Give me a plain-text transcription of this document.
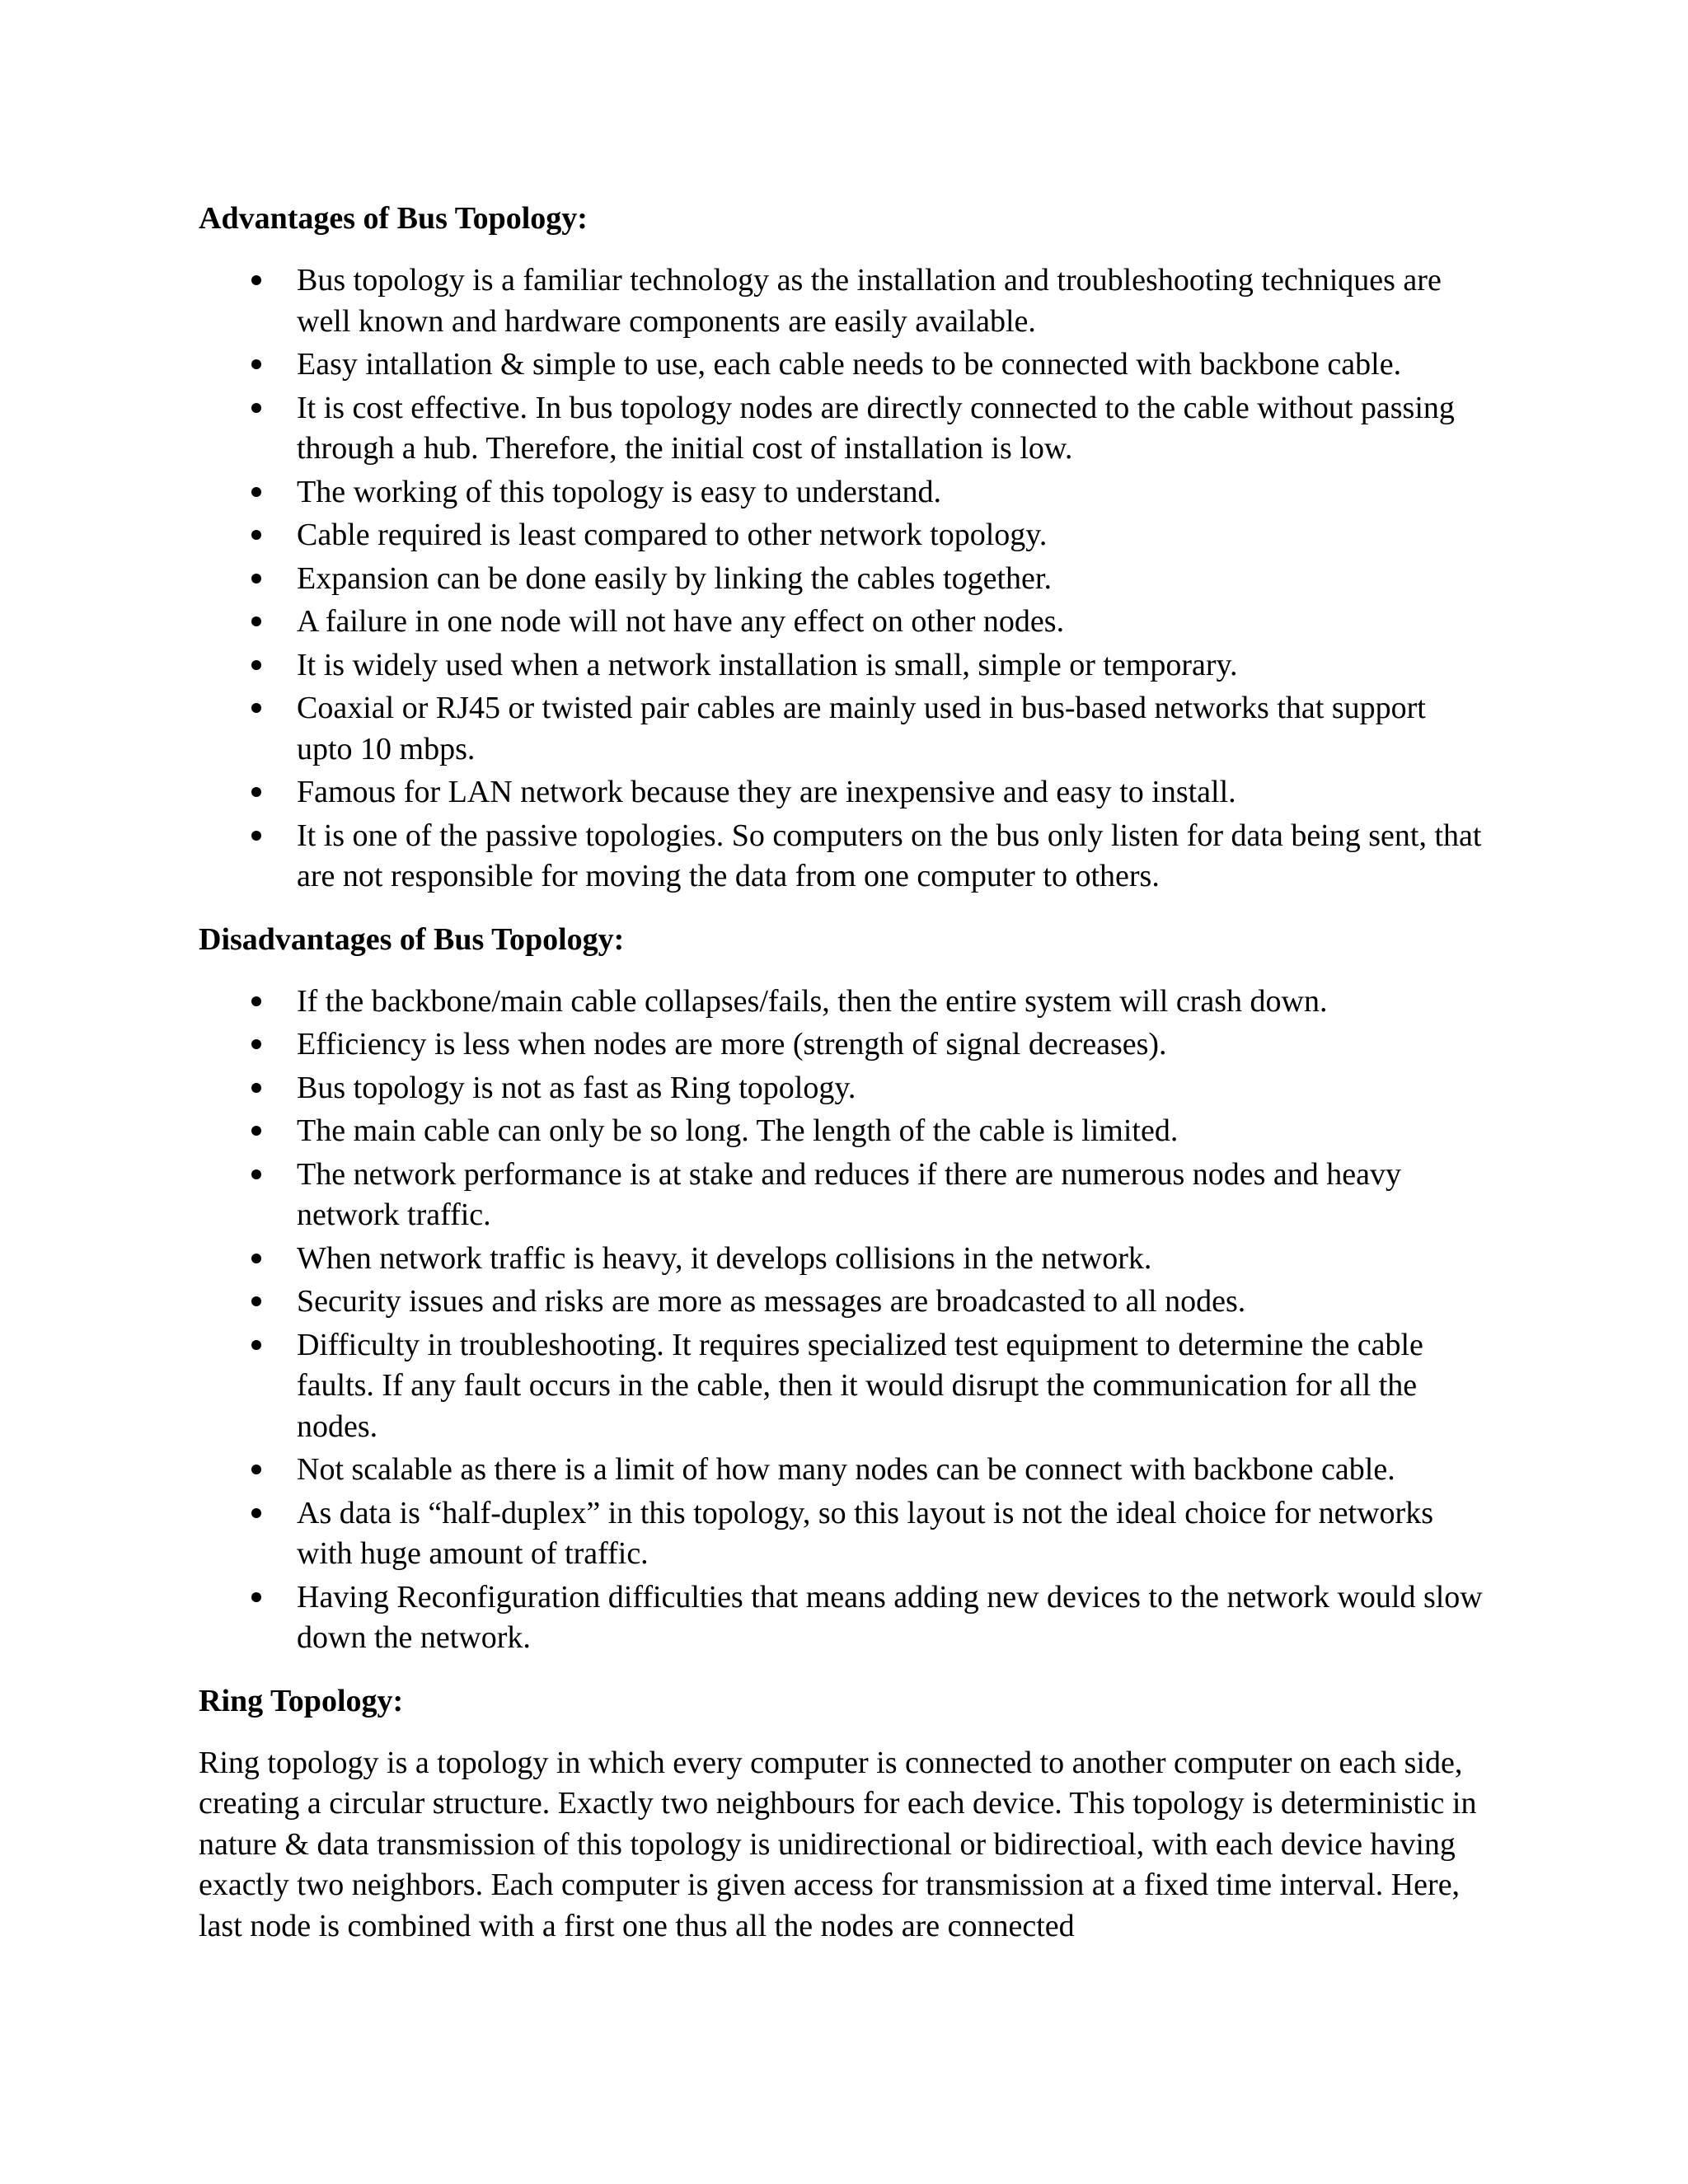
Advantages of Bus Topology:
Bus topology is a familiar technology as the installation and troubleshooting techniques are well known and hardware components are easily available.
Easy intallation & simple to use, each cable needs to be connected with backbone cable.
It is cost effective. In bus topology nodes are directly connected to the cable without passing through a hub. Therefore, the initial cost of installation is low.
The working of this topology is easy to understand.
Cable required is least compared to other network topology.
Expansion can be done easily by linking the cables together.
A failure in one node will not have any effect on other nodes.
It is widely used when a network installation is small, simple or temporary.
Coaxial or RJ45 or twisted pair cables are mainly used in bus-based networks that support upto 10 mbps.
Famous for LAN network because they are inexpensive and easy to install.
It is one of the passive topologies. So computers on the bus only listen for data being sent, that are not responsible for moving the data from one computer to others.
Disadvantages of Bus Topology:
If the backbone/main cable collapses/fails, then the entire system will crash down.
Efficiency is less when nodes are more (strength of signal decreases).
Bus topology is not as fast as Ring topology.
The main cable can only be so long. The length of the cable is limited.
The network performance is at stake and reduces if there are numerous nodes and heavy network traffic.
When network traffic is heavy, it develops collisions in the network.
Security issues and risks are more as messages are broadcasted to all nodes.
Difficulty in troubleshooting. It requires specialized test equipment to determine the cable faults. If any fault occurs in the cable, then it would disrupt the communication for all the nodes.
Not scalable as there is a limit of how many nodes can be connect with backbone cable.
As data is “half-duplex” in this topology, so this layout is not the ideal choice for networks with huge amount of traffic.
Having Reconfiguration difficulties that means adding new devices to the network would slow down the network.
Ring Topology:

Ring topology is a topology in which every computer is connected to another computer on each side, creating a circular structure. Exactly two neighbours for each device. This topology is deterministic in nature & data transmission of this topology is unidirectional or bidirectioal, with each device having exactly two neighbors. Each computer is given access for transmission at a fixed time interval. Here, last node is combined with a first one thus all the nodes are connected
